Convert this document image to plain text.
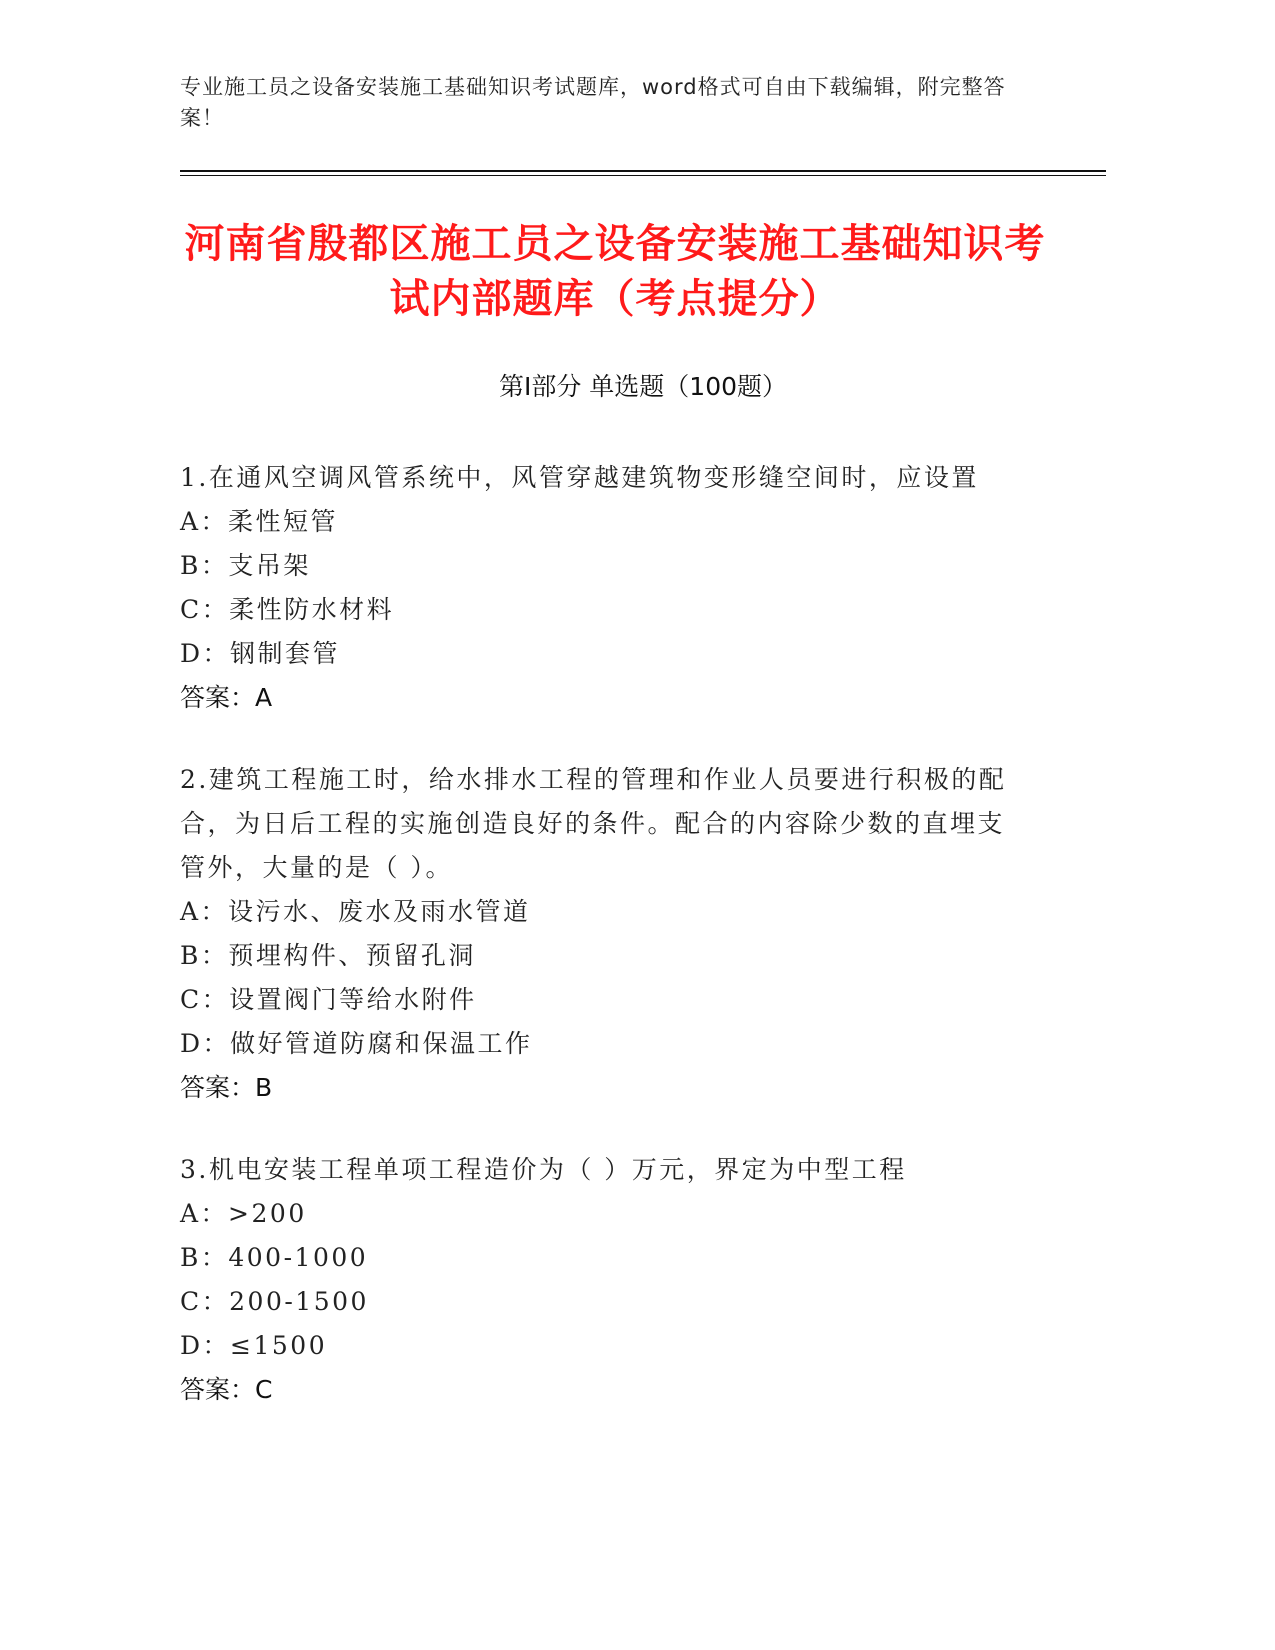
专业施工员之设备安装施工基础知识考试题库，word格式可自由下载编辑，附完整答案！
河南省殷都区施工员之设备安装施工基础知识考试内部题库（考点提分）
第I部分 单选题（100题）
1.在通风空调风管系统中，风管穿越建筑物变形缝空间时，应设置
A：柔性短管
B：支吊架
C：柔性防水材料
D：钢制套管
答案：A
2.建筑工程施工时，给水排水工程的管理和作业人员要进行积极的配合，为日后工程的实施创造良好的条件。配合的内容除少数的直埋支管外，大量的是（ ）。
A：设污水、废水及雨水管道
B：预埋构件、预留孔洞
C：设置阀门等给水附件
D：做好管道防腐和保温工作
答案：B
3.机电安装工程单项工程造价为（ ）万元，界定为中型工程
A：>200
B：400-1000
C：200-1500
D：≤1500
答案：C
